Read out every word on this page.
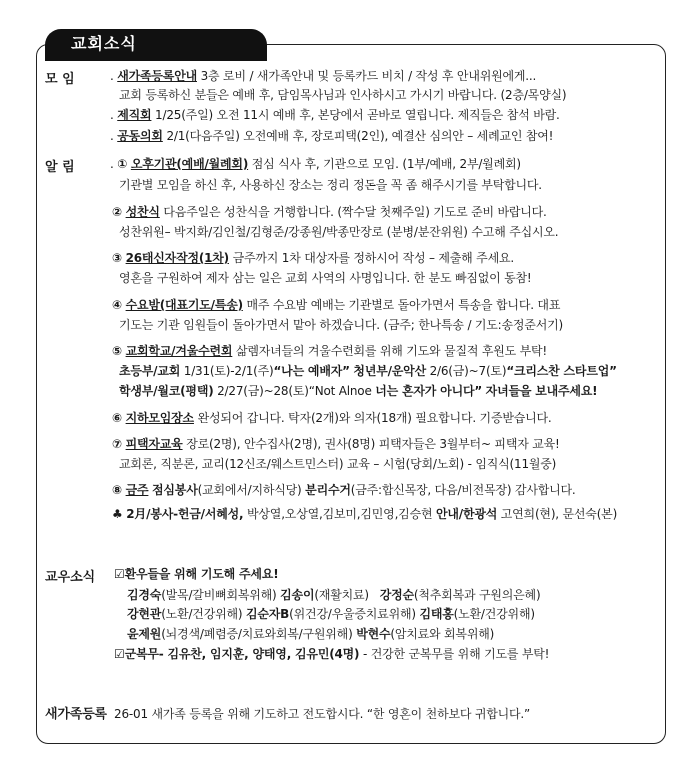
교회소식
모 임	. 새가족등록안내 3층 로비 / 새가족안내 및 등록카드 비치 / 작성 후 안내위원에게...
교회 등록하신 분들은 예배 후, 담임목사님과 인사하시고 가시기 바랍니다. (2층/목양실)
. 제직회 1/25(주일) 오전 11시 예배 후, 본당에서 곧바로 열립니다. 제직들은 참석 바람.
. 공동의회 2/1(다음주일) 오전예배 후, 장로피택(2인), 예결산 심의안 – 세례교인 참여!
알 림	. ① 오후기관(예배/월례회) 점심 식사 후, 기관으로 모임. (1부/예배, 2부/월례회)
기관별 모임을 하신 후, 사용하신 장소는 정리 정돈을 꼭 좀 해주시기를 부탁합니다.
② 성찬식 다음주일은 성찬식을 거행합니다. (짝수달 첫째주일) 기도로 준비 바랍니다.
성찬위원– 박지화/김인철/김형준/강종원/박종만장로 (분병/분잔위원) 수고해 주십시오.
③ 26태신자작정(1차) 금주까지 1차 대상자를 정하시어 작성 – 제출해 주세요.
영혼을 구원하여 제자 삼는 일은 교회 사역의 사명입니다. 한 분도 빠짐없이 동참!
④ 수요밤(대표기도/특송) 매주 수요밤 예배는 기관별로 돌아가면서 특송을 합니다. 대표
기도는 기관 임원들이 돌아가면서 맡아 하겠습니다. (금주; 한나특송 / 기도:송정준서기)
⑤ 교회학교/겨울수련회 삶렘자녀들의 겨울수련회를 위해 기도와 물질적 후원도 부탁!
초등부/교회 1/31(토)-2/1(주)“나는 예배자” 청년부/운악산 2/6(금)~7(토)“크리스찬 스타트업”
학생부/월코(평택) 2/27(금)~28(토)“Not Alnoe 너는 혼자가 아니다” 자녀들을 보내주세요!
⑥ 지하모임장소 완성되어 갑니다. 탁자(2개)와 의자(18개) 필요합니다. 기증받습니다.
⑦ 피택자교육 장로(2명), 안수집사(2명), 권사(8명) 피택자들은 3월부터~ 피택자 교육!
교회론, 직분론, 교리(12신조/웨스트민스터) 교육 – 시험(당회/노회) - 임직식(11월중)
⑧ 금주 점심봉사(교회에서/지하식당) 분리수거(금주:합신목장, 다음/비전목장) 감사합니다.
♣ 2月/봉사-헌금/서혜성, 박상열,오상열,김보미,김민영,김승현 안내/한광석 고연희(현), 문선숙(본)
교우소식 ☑환우들을 위해 기도해 주세요!
김경숙(발목/갈비뼈회복위해) 김송이(재활치료) 강정순(척추회복과 구원의은혜)
강현관(노환/건강위해) 김순자B(위건강/우울증치료위해) 김태홍(노환/건강위해)
윤제원(뇌경색/폐렴증/치료와회복/구원위해) 박현수(암치료와 회복위해)
☑군복무- 김유찬, 임지훈, 양태영, 김유민(4명) - 건강한 군복무를 위해 기도를 부탁!
새가족등록 26-01 새가족 등록을 위해 기도하고 전도합시다. “한 영혼이 천하보다 귀합니다.”
